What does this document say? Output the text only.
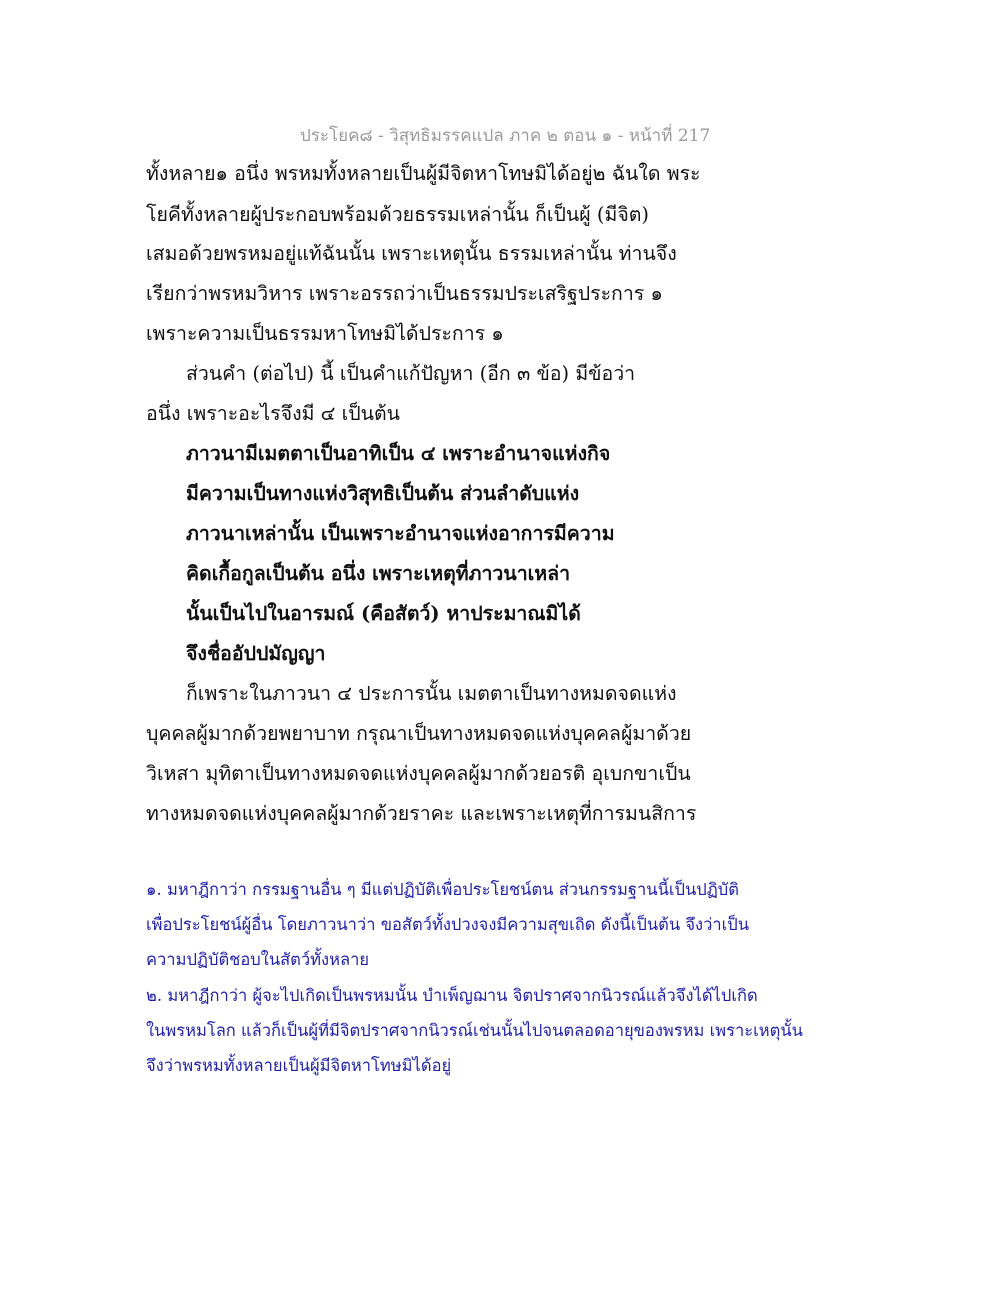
ประโยค๘ - วิสุทธิมรรคแปล ภาค ๒ ตอน ๑ - หน้าที่ 217
ทั้งหลาย๑ อนึ่ง พรหมทั้งหลายเป็นผู้มีจิตหาโทษมิได้อยู่๒ ฉันใด พระ
โยคีทั้งหลายผู้ประกอบพร้อมด้วยธรรมเหล่านั้น ก็เป็นผู้ (มีจิต)
เสมอด้วยพรหมอยู่แท้ฉันนั้น เพราะเหตุนั้น ธรรมเหล่านั้น ท่านจึง
เรียกว่าพรหมวิหาร เพราะอรรถว่าเป็นธรรมประเสริฐประการ ๑
เพราะความเป็นธรรมหาโทษมิได้ประการ ๑
ส่วนคำ (ต่อไป) นี้ เป็นคำแก้ปัญหา (อีก ๓ ข้อ) มีข้อว่า
อนึ่ง เพราะอะไรจึงมี ๔ เป็นต้น
ภาวนามีเมตตาเป็นอาทิเป็น ๔ เพราะอำนาจแห่งกิจ
มีความเป็นทางแห่งวิสุทธิเป็นต้น ส่วนลำดับแห่ง
ภาวนาเหล่านั้น เป็นเพราะอำนาจแห่งอาการมีความ
คิดเกื้อกูลเป็นต้น อนึ่ง เพราะเหตุที่ภาวนาเหล่า
นั้นเป็นไปในอารมณ์ (คือสัตว์) หาประมาณมิได้
จึงชื่ออัปปมัญญา
ก็เพราะในภาวนา ๔ ประการนั้น เมตตาเป็นทางหมดจดแห่ง
บุคคลผู้มากด้วยพยาบาท กรุณาเป็นทางหมดจดแห่งบุคคลผู้มาด้วย
วิเหสา มุทิตาเป็นทางหมดจดแห่งบุคคลผู้มากด้วยอรติ อุเบกขาเป็น
ทางหมดจดแห่งบุคคลผู้มากด้วยราคะ และเพราะเหตุที่การมนสิการ
๑. มหาฎีกาว่า กรรมฐานอื่น ๆ มีแต่ปฏิบัติเพื่อประโยชน์ตน ส่วนกรรมฐานนี้เป็นปฏิบัติ
เพื่อประโยชน์ผู้อื่น โดยภาวนาว่า ขอสัตว์ทั้งปวงจงมีความสุขเถิด ดังนี้เป็นต้น จึงว่าเป็น
ความปฏิบัติชอบในสัตว์ทั้งหลาย
๒. มหาฎีกาว่า ผู้จะไปเกิดเป็นพรหมนั้น บำเพ็ญฌาน จิตปราศจากนิวรณ์แล้วจึงได้ไปเกิด
ในพรหมโลก แล้วก็เป็นผู้ที่มีจิตปราศจากนิวรณ์เช่นนั้นไปจนตลอดอายุของพรหม เพราะเหตุนั้น
จึงว่าพรหมทั้งหลายเป็นผู้มีจิตหาโทษมิได้อยู่
